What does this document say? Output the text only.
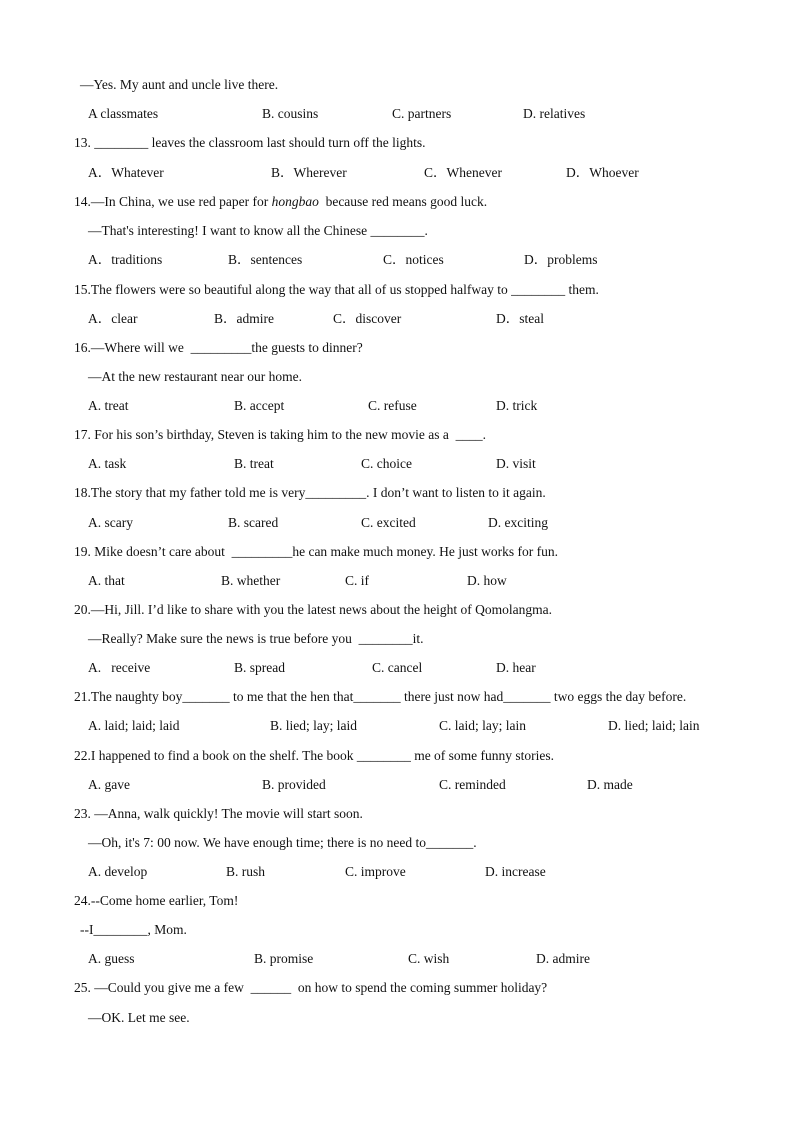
—Yes. My aunt and uncle live there.
A classmates	B. cousins	C. partners	D. relatives
13. ________ leaves the classroom last should turn off the lights.
A．Whatever	B．Wherever	C．Whenever	D．Whoever
14.—In China, we use red paper for hongbao  because red means good luck.
—That's interesting! I want to know all the Chinese ________.
A．traditions	B．sentences	C．notices	D．problems
15.The flowers were so beautiful along the way that all of us stopped halfway to ________ them.
A．clear	B．admire	C．discover	D．steal
16.—Where will we  _________the guests to dinner?
—At the new restaurant near our home.
A. treat	B. accept	C. refuse	D. trick
17. For his son’s birthday, Steven is taking him to the new movie as a  ____.
A. task	B. treat	C. choice	D. visit
18.The story that my father told me is very_________. I don’t want to listen to it again.
A. scary	B. scared	C. excited	D. exciting
19. Mike doesn’t care about  _________he can make much money. He just works for fun.
A. that	B. whether	C. if	D. how
20.—Hi, Jill. I’d like to share with you the latest news about the height of Qomolangma.
—Really? Make sure the news is true before you  ________it.
A.   receive	B. spread	C. cancel	D. hear
21.The naughty boy_______ to me that the hen that_______ there just now had_______ two eggs the day before.
A. laid; laid; laid	B. lied; lay; laid	C. laid; lay; lain	D. lied; laid; lain
22.I happened to find a book on the shelf. The book ________ me of some funny stories.
A. gave	B. provided	C. reminded	D. made
23. —Anna, walk quickly! The movie will start soon.
—Oh, it's 7: 00 now. We have enough time; there is no need to_______.
A. develop	B. rush	C. improve	D. increase
24.--Come home earlier, Tom!
--I________, Mom.
A. guess	B. promise	C. wish	D. admire
25. —Could you give me a few  ______  on how to spend the coming summer holiday?
—OK. Let me see.
